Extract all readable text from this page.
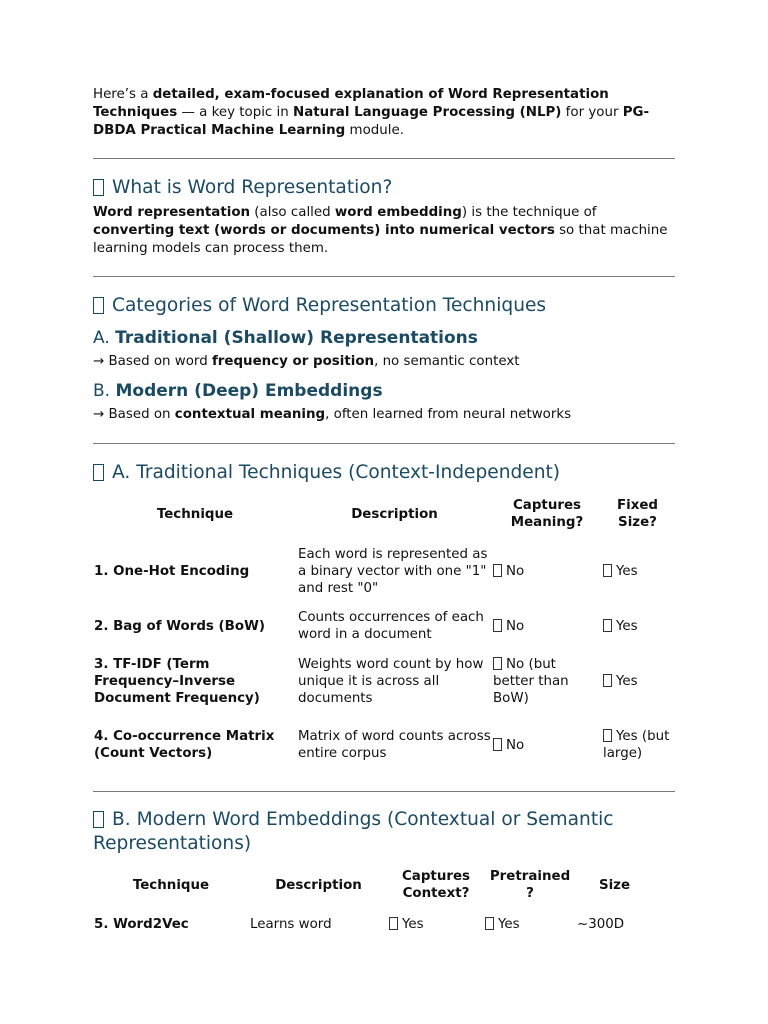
Here’s a detailed, exam-focused explanation of Word Representation Techniques — a key topic in Natural Language Processing (NLP) for your PG-DBDA Practical Machine Learning module.

What is Word Representation?

Word representation (also called word embedding) is the technique of converting text (words or documents) into numerical vectors so that machine learning models can process them.

Categories of Word Representation Techniques
A. Traditional (Shallow) Representations

→ Based on word frequency or position, no semantic context

B. Modern (Deep) Embeddings

→ Based on contextual meaning, often learned from neural networks

A. Traditional Techniques (Context-Independent)
Technique	Description	Captures Meaning?	Fixed Size?
1. One-Hot Encoding	Each word is represented as a binary vector with one "1" and rest "0"	No	Yes
2. Bag of Words (BoW)	Counts occurrences of each word in a document	No	Yes
3. TF-IDF (Term Frequency–Inverse Document Frequency)	Weights word count by how unique it is across all documents	No (but better than BoW)	Yes
4. Co-occurrence Matrix (Count Vectors)	Matrix of word counts across entire corpus	No	Yes (but large)
B. Modern Word Embeddings (Contextual or Semantic Representations)
Technique	Description	Captures Context?	Pretrained ?	Size
5. Word2Vec	Learns word	Yes	Yes	~300D
